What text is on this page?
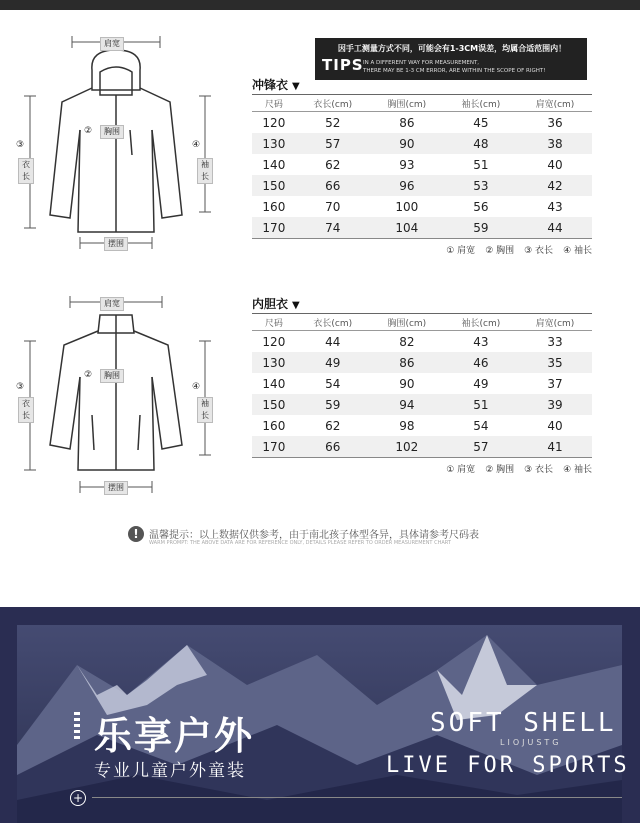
肩宽
胸围
②
③
衣长
④
袖长
摆围
因手工测量方式不同，可能会有1-3CM误差，均属合适范围内！
TIPS IN A DIFFERENT WAY FOR MEASUREMENT,
THERE MAY BE 1-3 CM ERROR, ARE WITHIN THE SCOPE OF RIGHT!
冲锋衣 ▼
尺码	衣长(cm)	胸围(cm)	袖长(cm)	肩宽(cm)
120	52	86	45	36
130	57	90	48	38
140	62	93	51	40
150	66	96	53	42
160	70	100	56	43
170	74	104	59	44
① 肩宽 ② 胸围 ③ 衣长 ④ 袖长
肩宽
胸围
②
③
衣长
④
袖长
摆围
内胆衣 ▼
尺码	衣长(cm)	胸围(cm)	袖长(cm)	肩宽(cm)
120	44	82	43	33
130	49	86	46	35
140	54	90	49	37
150	59	94	51	39
160	62	98	54	40
170	66	102	57	41
① 肩宽 ② 胸围 ③ 衣长 ④ 袖长
!	温馨提示：以上数据仅供参考，由于南北孩子体型各异，具体请参考尺码表
WARM PROMPT: THE ABOVE DATA ARE FOR REFERENCE ONLY, DETAILS PLEASE REFER TO ORDER MEASUREMENT CHART
乐享户外
专业儿童户外童装
SOFT SHELL
LIOJUSTG
LIVE FOR SPORTS
+
